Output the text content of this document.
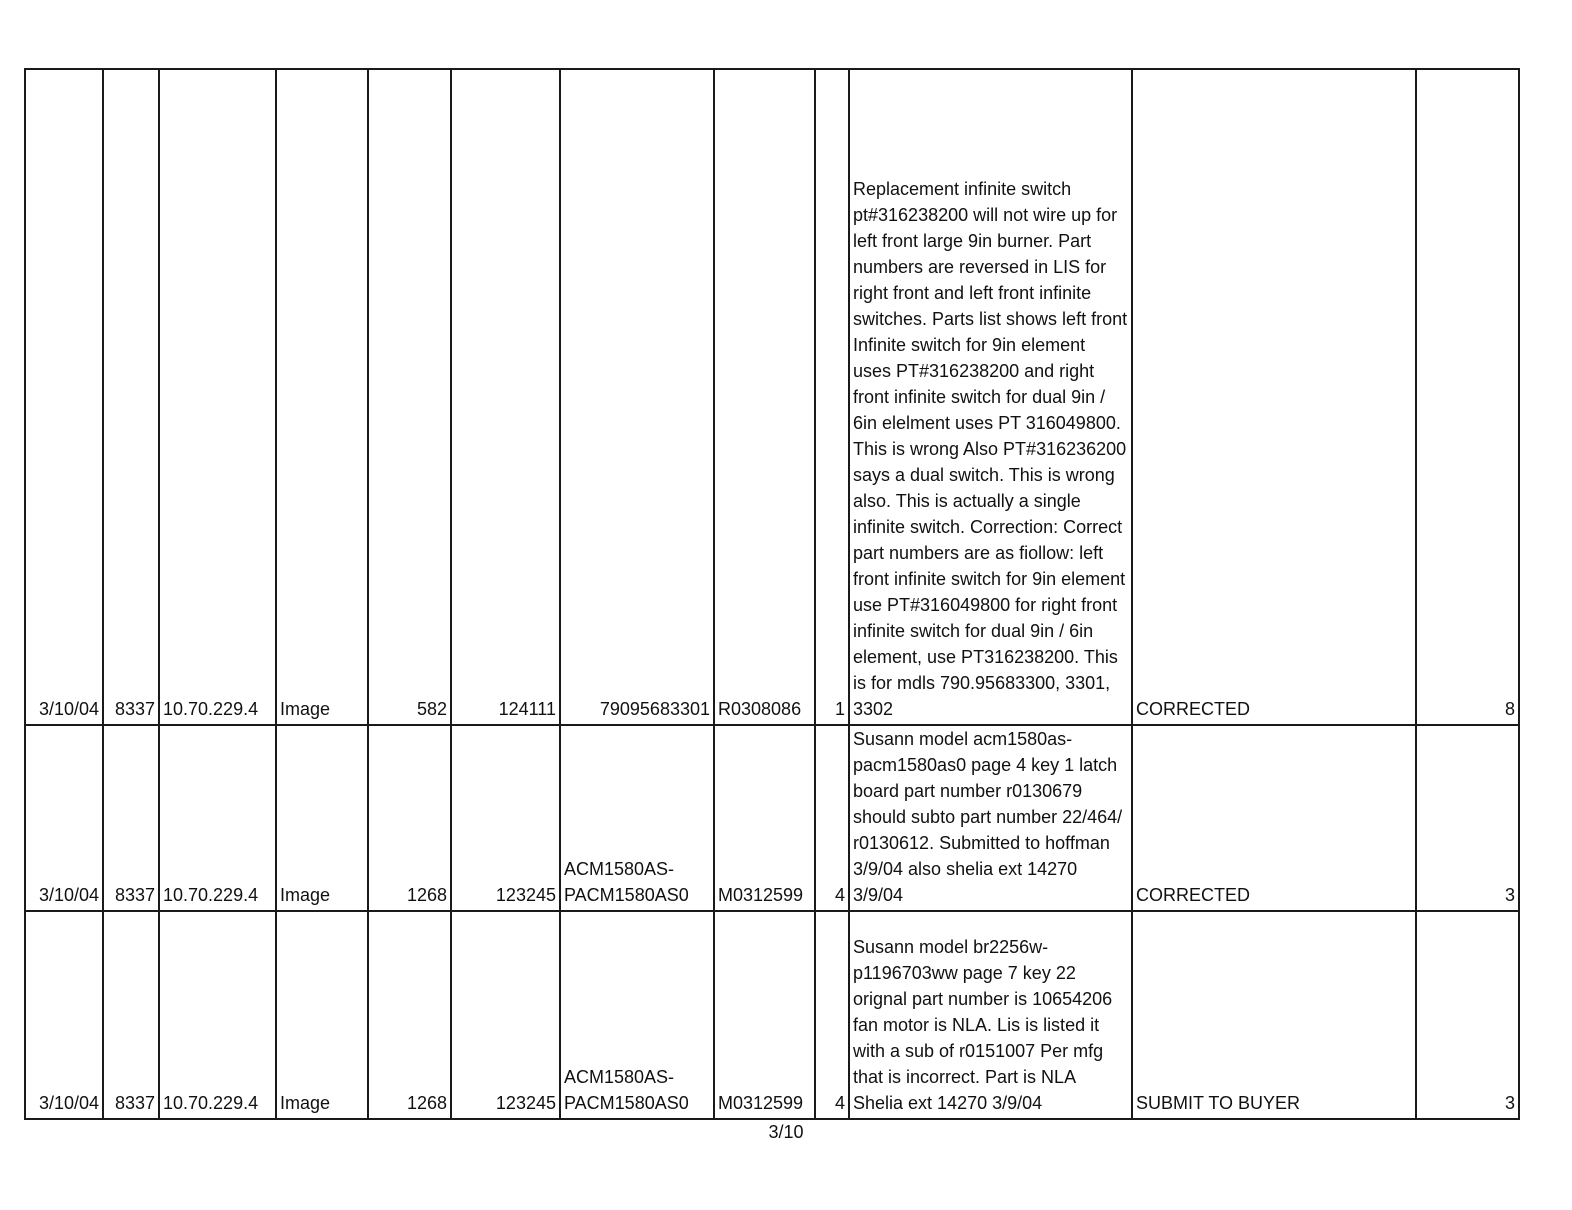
3/10/04	8337	10.70.229.4	Image	582	124111	79095683301	R0308086	1	Replacement infinite switch pt#316238200 will not wire up for left front large 9in burner. Part numbers are reversed in LIS for right front and left front infinite switches. Parts list shows left front Infinite switch for 9in element uses PT#316238200 and right front infinite switch for dual 9in / 6in elelment uses PT 316049800. This is wrong Also PT#316236200 says a dual switch. This is wrong also. This is actually a single infinite switch. Correction: Correct part numbers are as fiollow: left front infinite switch for 9in element use PT#316049800 for right front infinite switch for dual 9in / 6in element, use PT316238200. This is for mdls 790.95683300, 3301, 3302	CORRECTED	8
3/10/04	8337	10.70.229.4	Image	1268	123245	ACM1580AS-PACM1580AS0	M0312599	4	Susann model acm1580as-pacm1580as0 page 4 key 1 latch board part number r0130679 should subto part number 22/464/ r0130612. Submitted to hoffman 3/9/04 also shelia ext 14270 3/9/04	CORRECTED	3
3/10/04	8337	10.70.229.4	Image	1268	123245	ACM1580AS-PACM1580AS0	M0312599	4	Susann model br2256w-p1196703ww page 7 key 22 orignal part number is 10654206 fan motor is NLA. Lis is listed it with a sub of r0151007 Per mfg that is incorrect. Part is NLA Shelia ext 14270 3/9/04	SUBMIT TO BUYER	3
3/10
